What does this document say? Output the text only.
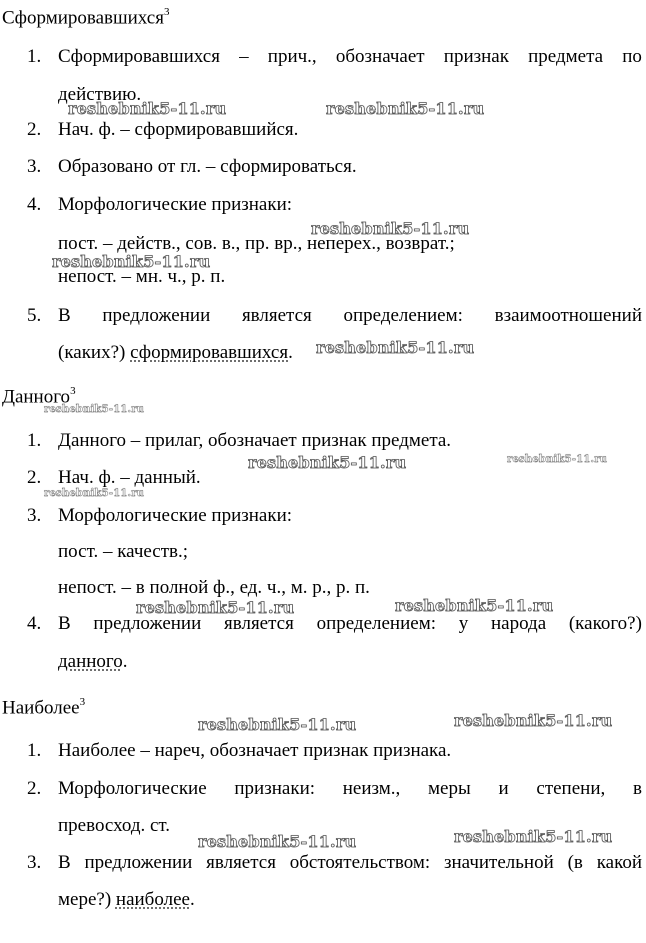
Сформировавшихся$^3$
1. Сформировавшихся – прич., обозначает признак предмета по
действию.
2. Нач. ф. – сформировавшийся.
3. Образовано от гл. – сформироваться.
4. Морфологические признаки:
пост. – действ., сов. в., пр. вр., неперех., возврат.;
непост. – мн. ч., р. п.
5. В предложении является определением: взаимоотношений
(каких?) сформировавшихся.
Данного$^3$
1. Данного – прилаг, обозначает признак предмета.
2. Нач. ф. – данный.
3. Морфологические признаки:
пост. – качеств.;
непост. – в полной ф., ед. ч., м. р., р. п.
4. В предложении является определением: у народа (какого?)
данного.
Наиболее$^3$
1. Наиболее – нареч, обозначает признак признака.
2. Морфологические признаки: неизм., меры и степени, в
превосход. ст.
3. В предложении является обстоятельством: значительной (в какой
мере?) наиболее.
reshebnik5-11.ru	reshebnik5-11.ru
reshebnik5-11.ru
reshebnik5-11.ru
reshebnik5-11.ru
reshebnik5-11.ru
reshebnik5-11.ru	reshebnik5-11.ru
reshebnik5-11.ru
reshebnik5-11.ru	reshebnik5-11.ru
reshebnik5-11.ru	reshebnik5-11.ru
reshebnik5-11.ru	reshebnik5-11.ru
